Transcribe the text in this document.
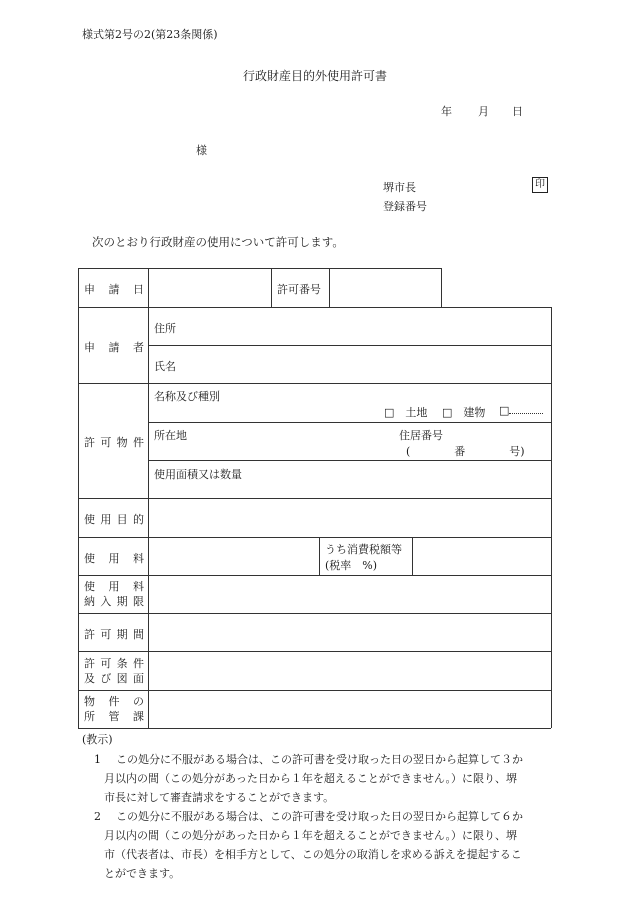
様式第2号の2(第23条関係)
行政財産目的外使用許可書
年 月 日
様
堺市長	印
登録番号
次のとおり行政財産の使用について許可します。
申　請　日	許可番号
申　請　者
住所
氏名
許可物件
名称及び種別
□　土地 □　建物 □
所在地	住居番号
(　　　　番　　　　号)
使用面積又は数量
使用目的
使　用　料
うち消費税額等
(税率　%)
使　用　料
納入期限
許可期間
許可条件
及び図面
物　件　の
所　管　課
(教示)
1	この処分に不服がある場合は、この許可書を受け取った日の翌日から起算して３か
月以内の間（この処分があった日から１年を超えることができません。）に限り、堺
市長に対して審査請求をすることができます。
2	この処分に不服がある場合は、この許可書を受け取った日の翌日から起算して６か
月以内の間（この処分があった日から１年を超えることができません。）に限り、堺
市（代表者は、市長）を相手方として、この処分の取消しを求める訴えを提起するこ
とができます。
